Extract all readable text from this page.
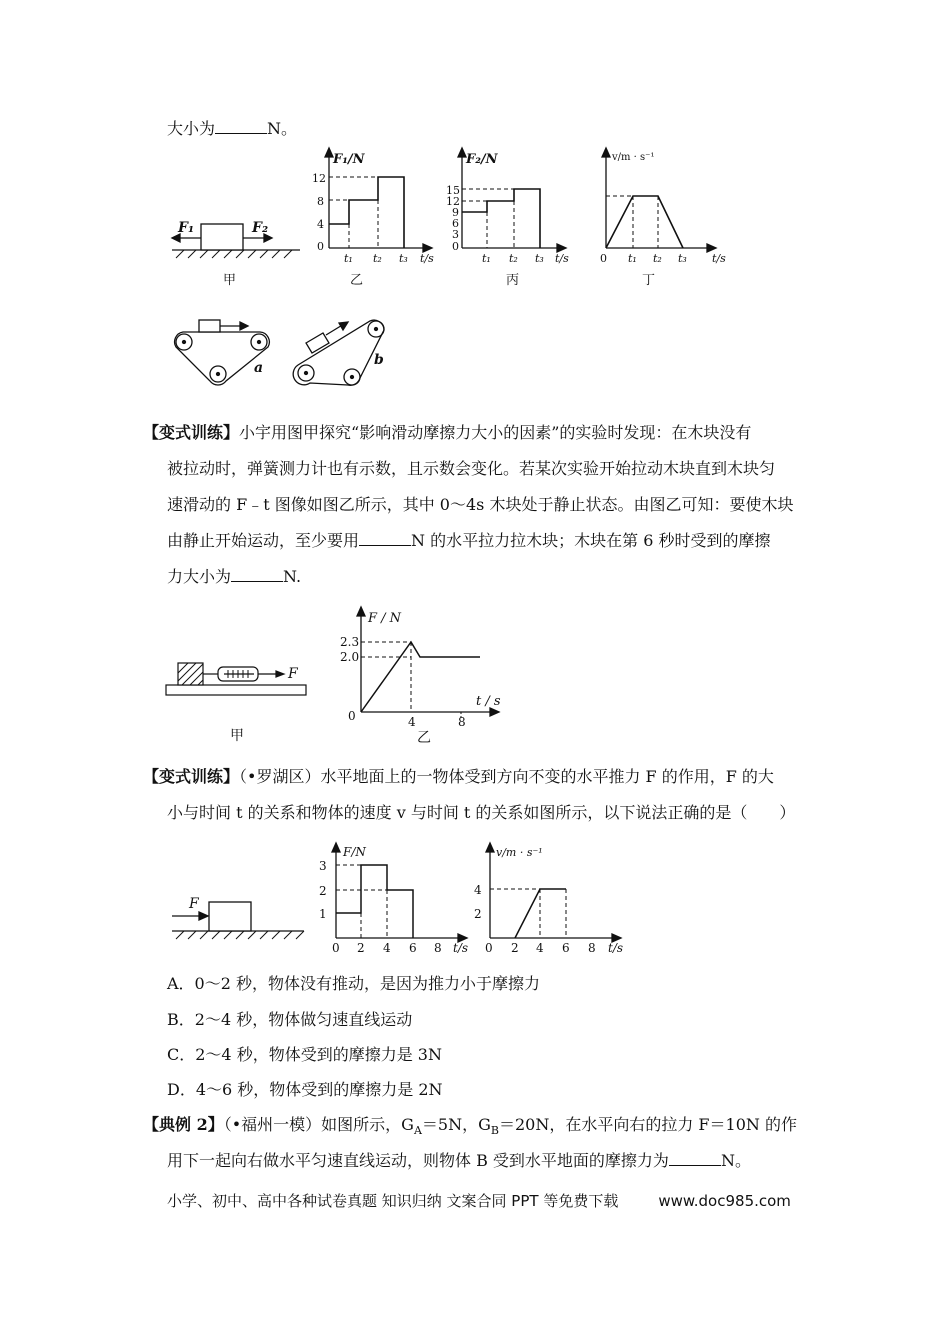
大小为	N。
F₁	F₂
甲
F₁/N
12
8
4
0
t₁ t₂ t₃ t/s
乙
F₂/N
15
12
9
6
3
0
t₁ t₂ t₃ t/s
丙
v/m · s⁻¹
0 t₁ t₂ t₃ t/s
丁
a	b
【变式训练】小宇用图甲探究“影响滑动摩擦力大小的因素”的实验时发现：在木块没有
被拉动时，弹簧测力计也有示数，且示数会变化。若某次实验开始拉动木块直到木块匀
速滑动的 F﹣t 图像如图乙所示，其中 0～4s 木块处于静止状态。由图乙可知：要使木块
由静止开始运动，至少要用	N 的水平拉力拉木块；木块在第 6 秒时受到的摩擦
力大小为	N.
F
甲
F / N
2.3
2.0
0	4	8
t / s
乙
【变式训练】（•罗湖区）水平地面上的一物体受到方向不变的水平推力 F 的作用，F 的大
小与时间 t 的关系和物体的速度 v 与时间 t 的关系如图所示，以下说法正确的是（　　）
F
F/N
3
2
1
0 2 4 6 8 t/s
v/m · s⁻¹
4
2
0 2 4 6 8 t/s
A．0～2 秒，物体没有推动，是因为推力小于摩擦力
B．2～4 秒，物体做匀速直线运动
C．2～4 秒，物体受到的摩擦力是 3N
D．4～6 秒，物体受到的摩擦力是 2N
【典例 2】（•福州一模）如图所示，$G_A=5N$，$G_B=20N$，在水平向右的拉力 F＝10N 的作
用下一起向右做水平匀速直线运动，则物体 B 受到水平地面的摩擦力为	N。
小学、初中、高中各种试卷真题 知识归纳 文案合同 PPT 等免费下载	www.doc985.com
